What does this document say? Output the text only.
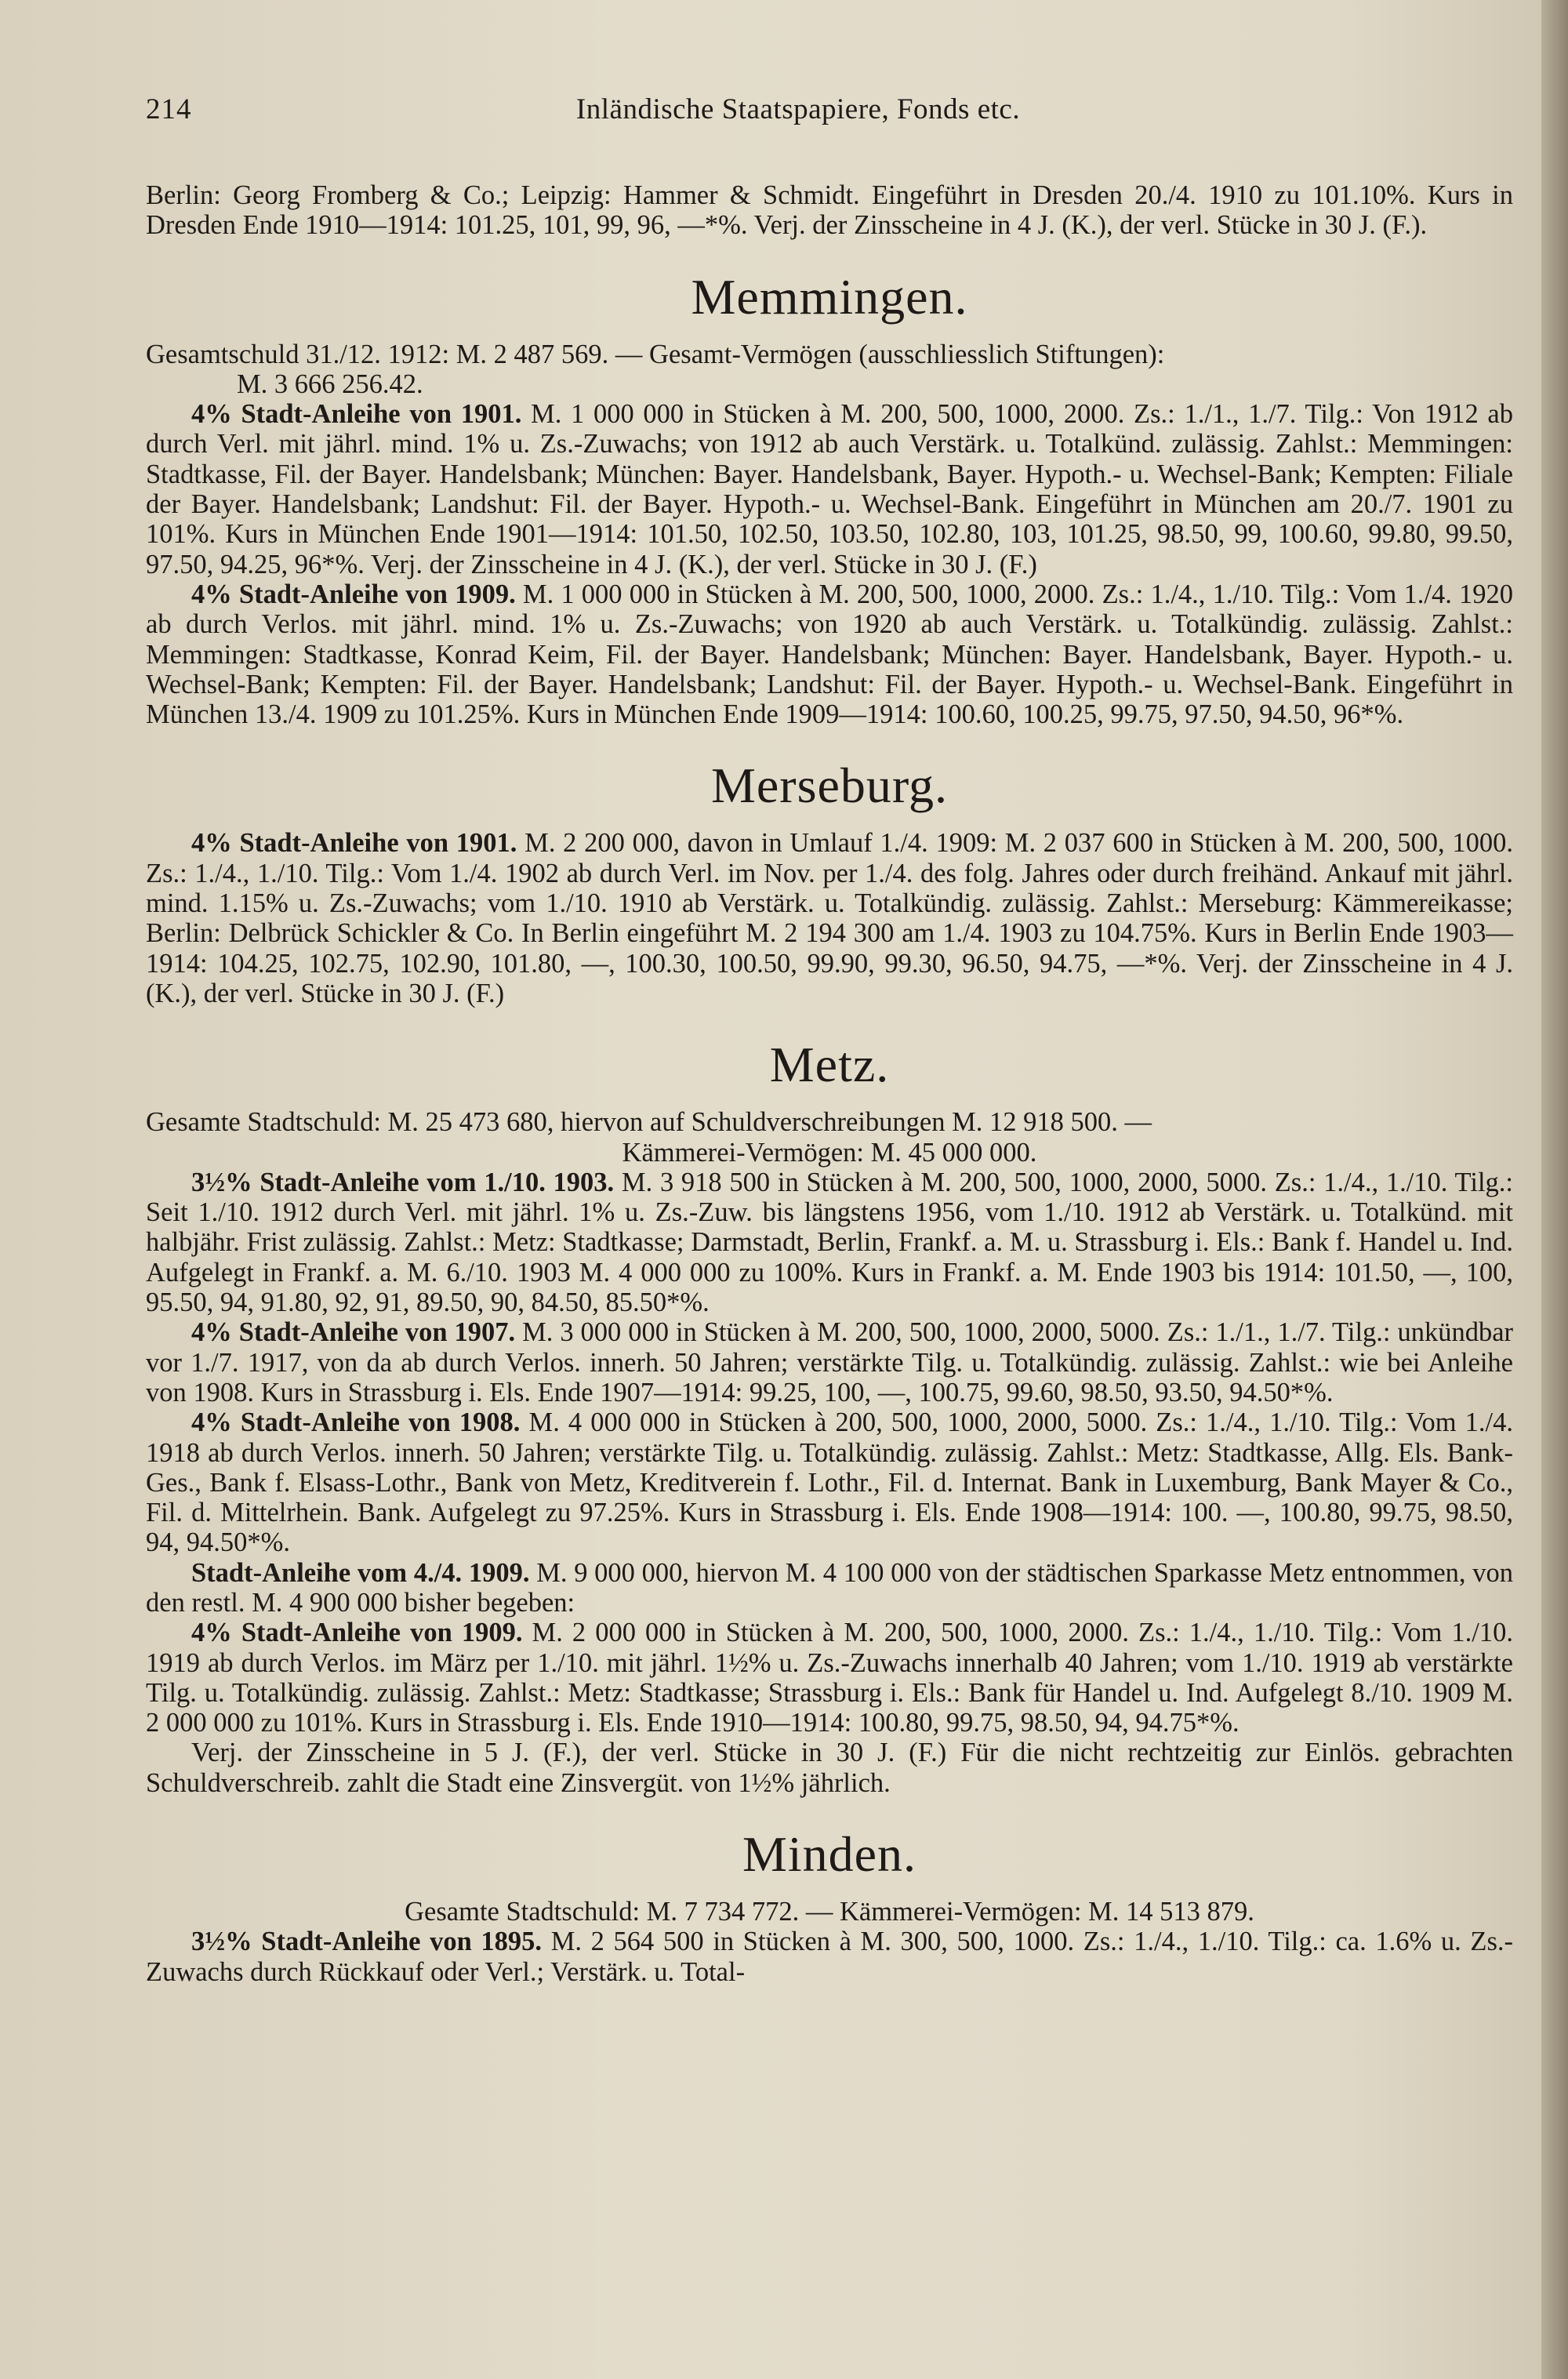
214	Inländische Staatspapiere, Fonds etc.

Berlin: Georg Fromberg & Co.; Leipzig: Hammer & Schmidt. Eingeführt in Dresden 20./4. 1910 zu 101.10%. Kurs in Dresden Ende 1910—1914: 101.25, 101, 99, 96, —*%. Verj. der Zinsscheine in 4 J. (K.), der verl. Stücke in 30 J. (F.).

Memmingen.

Gesamtschuld 31./12. 1912: M. 2 487 569. — Gesamt-Vermögen (ausschliesslich Stiftungen):
M. 3 666 256.42.

4% Stadt-Anleihe von 1901. M. 1 000 000 in Stücken à M. 200, 500, 1000, 2000. Zs.: 1./1., 1./7. Tilg.: Von 1912 ab durch Verl. mit jährl. mind. 1% u. Zs.-Zuwachs; von 1912 ab auch Verstärk. u. Totalkünd. zulässig. Zahlst.: Memmingen: Stadtkasse, Fil. der Bayer. Handelsbank; München: Bayer. Handelsbank, Bayer. Hypoth.- u. Wechsel-Bank; Kempten: Filiale der Bayer. Handelsbank; Landshut: Fil. der Bayer. Hypoth.- u. Wechsel-Bank. Eingeführt in München am 20./7. 1901 zu 101%. Kurs in München Ende 1901—1914: 101.50, 102.50, 103.50, 102.80, 103, 101.25, 98.50, 99, 100.60, 99.80, 99.50, 97.50, 94.25, 96*%. Verj. der Zinsscheine in 4 J. (K.), der verl. Stücke in 30 J. (F.)

4% Stadt-Anleihe von 1909. M. 1 000 000 in Stücken à M. 200, 500, 1000, 2000. Zs.: 1./4., 1./10. Tilg.: Vom 1./4. 1920 ab durch Verlos. mit jährl. mind. 1% u. Zs.-Zuwachs; von 1920 ab auch Verstärk. u. Totalkündig. zulässig. Zahlst.: Memmingen: Stadtkasse, Konrad Keim, Fil. der Bayer. Handelsbank; München: Bayer. Handelsbank, Bayer. Hypoth.- u. Wechsel-Bank; Kempten: Fil. der Bayer. Handelsbank; Landshut: Fil. der Bayer. Hypoth.- u. Wechsel-Bank. Eingeführt in München 13./4. 1909 zu 101.25%. Kurs in München Ende 1909—1914: 100.60, 100.25, 99.75, 97.50, 94.50, 96*%.

Merseburg.

4% Stadt-Anleihe von 1901. M. 2 200 000, davon in Umlauf 1./4. 1909: M. 2 037 600 in Stücken à M. 200, 500, 1000. Zs.: 1./4., 1./10. Tilg.: Vom 1./4. 1902 ab durch Verl. im Nov. per 1./4. des folg. Jahres oder durch freihänd. Ankauf mit jährl. mind. 1.15% u. Zs.-Zuwachs; vom 1./10. 1910 ab Verstärk. u. Totalkündig. zulässig. Zahlst.: Merseburg: Kämmereikasse; Berlin: Delbrück Schickler & Co. In Berlin eingeführt M. 2 194 300 am 1./4. 1903 zu 104.75%. Kurs in Berlin Ende 1903—1914: 104.25, 102.75, 102.90, 101.80, —, 100.30, 100.50, 99.90, 99.30, 96.50, 94.75, —*%. Verj. der Zinsscheine in 4 J. (K.), der verl. Stücke in 30 J. (F.)

Metz.

Gesamte Stadtschuld: M. 25 473 680, hiervon auf Schuldverschreibungen M. 12 918 500. —

Kämmerei-Vermögen: M. 45 000 000.

3½% Stadt-Anleihe vom 1./10. 1903. M. 3 918 500 in Stücken à M. 200, 500, 1000, 2000, 5000. Zs.: 1./4., 1./10. Tilg.: Seit 1./10. 1912 durch Verl. mit jährl. 1% u. Zs.-Zuw. bis längstens 1956, vom 1./10. 1912 ab Verstärk. u. Totalkünd. mit halbjähr. Frist zulässig. Zahlst.: Metz: Stadtkasse; Darmstadt, Berlin, Frankf. a. M. u. Strassburg i. Els.: Bank f. Handel u. Ind. Aufgelegt in Frankf. a. M. 6./10. 1903 M. 4 000 000 zu 100%. Kurs in Frankf. a. M. Ende 1903 bis 1914: 101.50, —, 100, 95.50, 94, 91.80, 92, 91, 89.50, 90, 84.50, 85.50*%.

4% Stadt-Anleihe von 1907. M. 3 000 000 in Stücken à M. 200, 500, 1000, 2000, 5000. Zs.: 1./1., 1./7. Tilg.: unkündbar vor 1./7. 1917, von da ab durch Verlos. innerh. 50 Jahren; verstärkte Tilg. u. Totalkündig. zulässig. Zahlst.: wie bei Anleihe von 1908. Kurs in Strassburg i. Els. Ende 1907—1914: 99.25, 100, —, 100.75, 99.60, 98.50, 93.50, 94.50*%.

4% Stadt-Anleihe von 1908. M. 4 000 000 in Stücken à 200, 500, 1000, 2000, 5000. Zs.: 1./4., 1./10. Tilg.: Vom 1./4. 1918 ab durch Verlos. innerh. 50 Jahren; verstärkte Tilg. u. Totalkündig. zulässig. Zahlst.: Metz: Stadtkasse, Allg. Els. Bank-Ges., Bank f. Elsass-Lothr., Bank von Metz, Kreditverein f. Lothr., Fil. d. Internat. Bank in Luxemburg, Bank Mayer & Co., Fil. d. Mittelrhein. Bank. Aufgelegt zu 97.25%. Kurs in Strassburg i. Els. Ende 1908—1914: 100. —, 100.80, 99.75, 98.50, 94, 94.50*%.

Stadt-Anleihe vom 4./4. 1909. M. 9 000 000, hiervon M. 4 100 000 von der städtischen Sparkasse Metz entnommen, von den restl. M. 4 900 000 bisher begeben:

4% Stadt-Anleihe von 1909. M. 2 000 000 in Stücken à M. 200, 500, 1000, 2000. Zs.: 1./4., 1./10. Tilg.: Vom 1./10. 1919 ab durch Verlos. im März per 1./10. mit jährl. 1½% u. Zs.-Zuwachs innerhalb 40 Jahren; vom 1./10. 1919 ab verstärkte Tilg. u. Totalkündig. zulässig. Zahlst.: Metz: Stadtkasse; Strassburg i. Els.: Bank für Handel u. Ind. Aufgelegt 8./10. 1909 M. 2 000 000 zu 101%. Kurs in Strassburg i. Els. Ende 1910—1914: 100.80, 99.75, 98.50, 94, 94.75*%.

Verj. der Zinsscheine in 5 J. (F.), der verl. Stücke in 30 J. (F.) Für die nicht rechtzeitig zur Einlös. gebrachten Schuldverschreib. zahlt die Stadt eine Zinsvergüt. von 1½% jährlich.

Minden.

Gesamte Stadtschuld: M. 7 734 772. — Kämmerei-Vermögen: M. 14 513 879.

3½% Stadt-Anleihe von 1895. M. 2 564 500 in Stücken à M. 300, 500, 1000. Zs.: 1./4., 1./10. Tilg.: ca. 1.6% u. Zs.-Zuwachs durch Rückkauf oder Verl.; Verstärk. u. Total-
